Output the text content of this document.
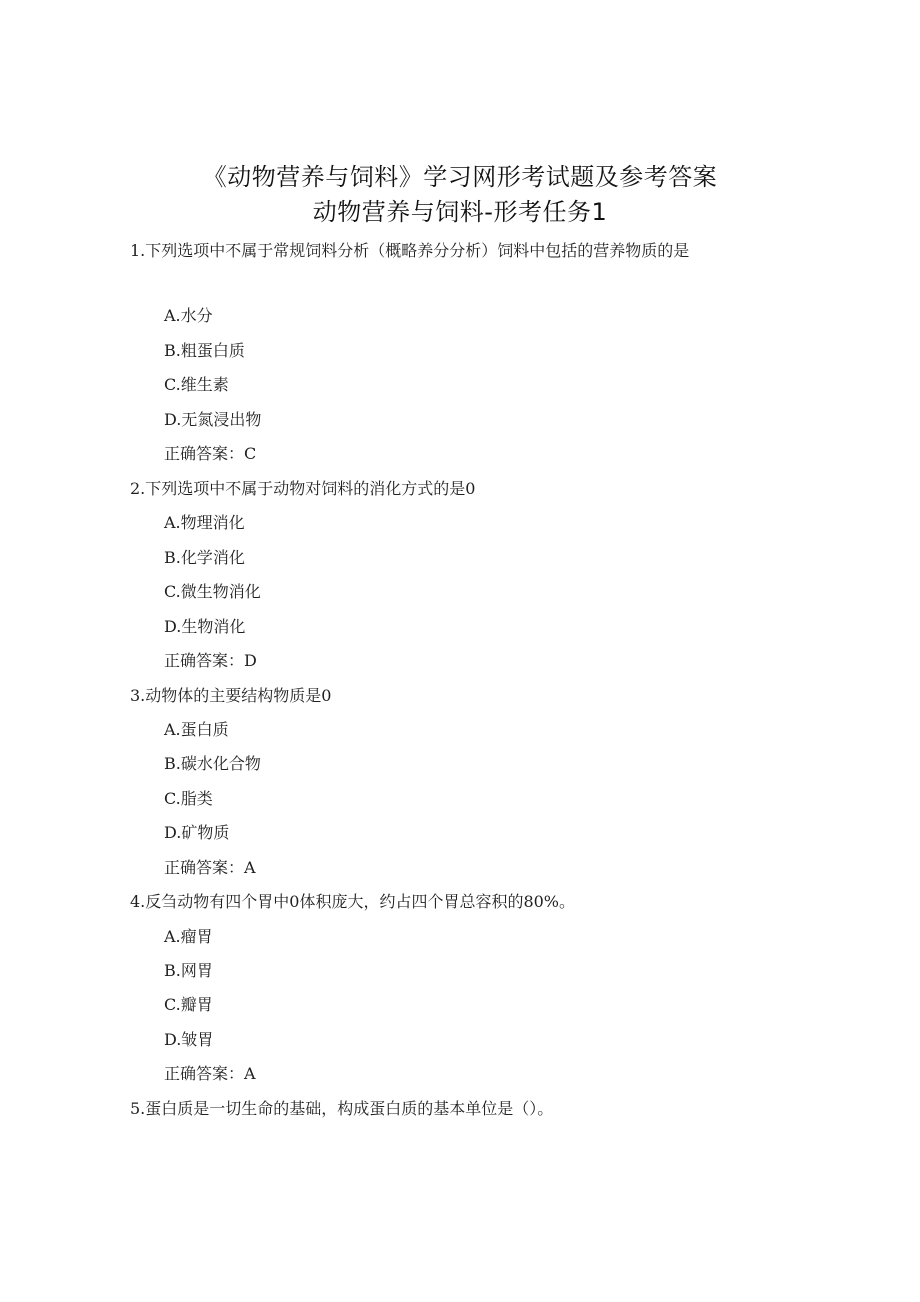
《动物营养与饲料》学习网形考试题及参考答案
动物营养与饲料-形考任务1
1.下列选项中不属于常规饲料分析（概略养分分析）饲料中包括的营养物质的是
A.水分
B.粗蛋白质
C.维生素
D.无氮浸出物
正确答案：C
2.下列选项中不属于动物对饲料的消化方式的是0
A.物理消化
B.化学消化
C.微生物消化
D.生物消化
正确答案：D
3.动物体的主要结构物质是0
A.蛋白质
B.碳水化合物
C.脂类
D.矿物质
正确答案：A
4.反刍动物有四个胃中0体积庞大，约占四个胃总容积的80%。
A.瘤胃
B.网胃
C.瓣胃
D.皱胃
正确答案：A
5.蛋白质是一切生命的基础，构成蛋白质的基本单位是（）。
